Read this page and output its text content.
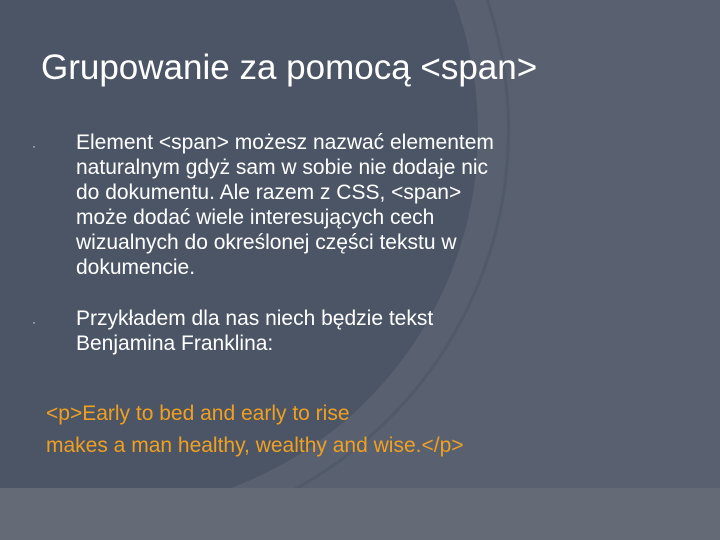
Grupowanie za pomocą <span>
· Element <span> możesz nazwać elementem
naturalnym gdyż sam w sobie nie dodaje nic
do dokumentu. Ale razem z CSS, <span>
może dodać wiele interesujących cech
wizualnych do określonej części tekstu w
dokumencie.
· Przykładem dla nas niech będzie tekst
Benjamina Franklina:
<p>Early to bed and early to rise
makes a man healthy, wealthy and wise.</p>
